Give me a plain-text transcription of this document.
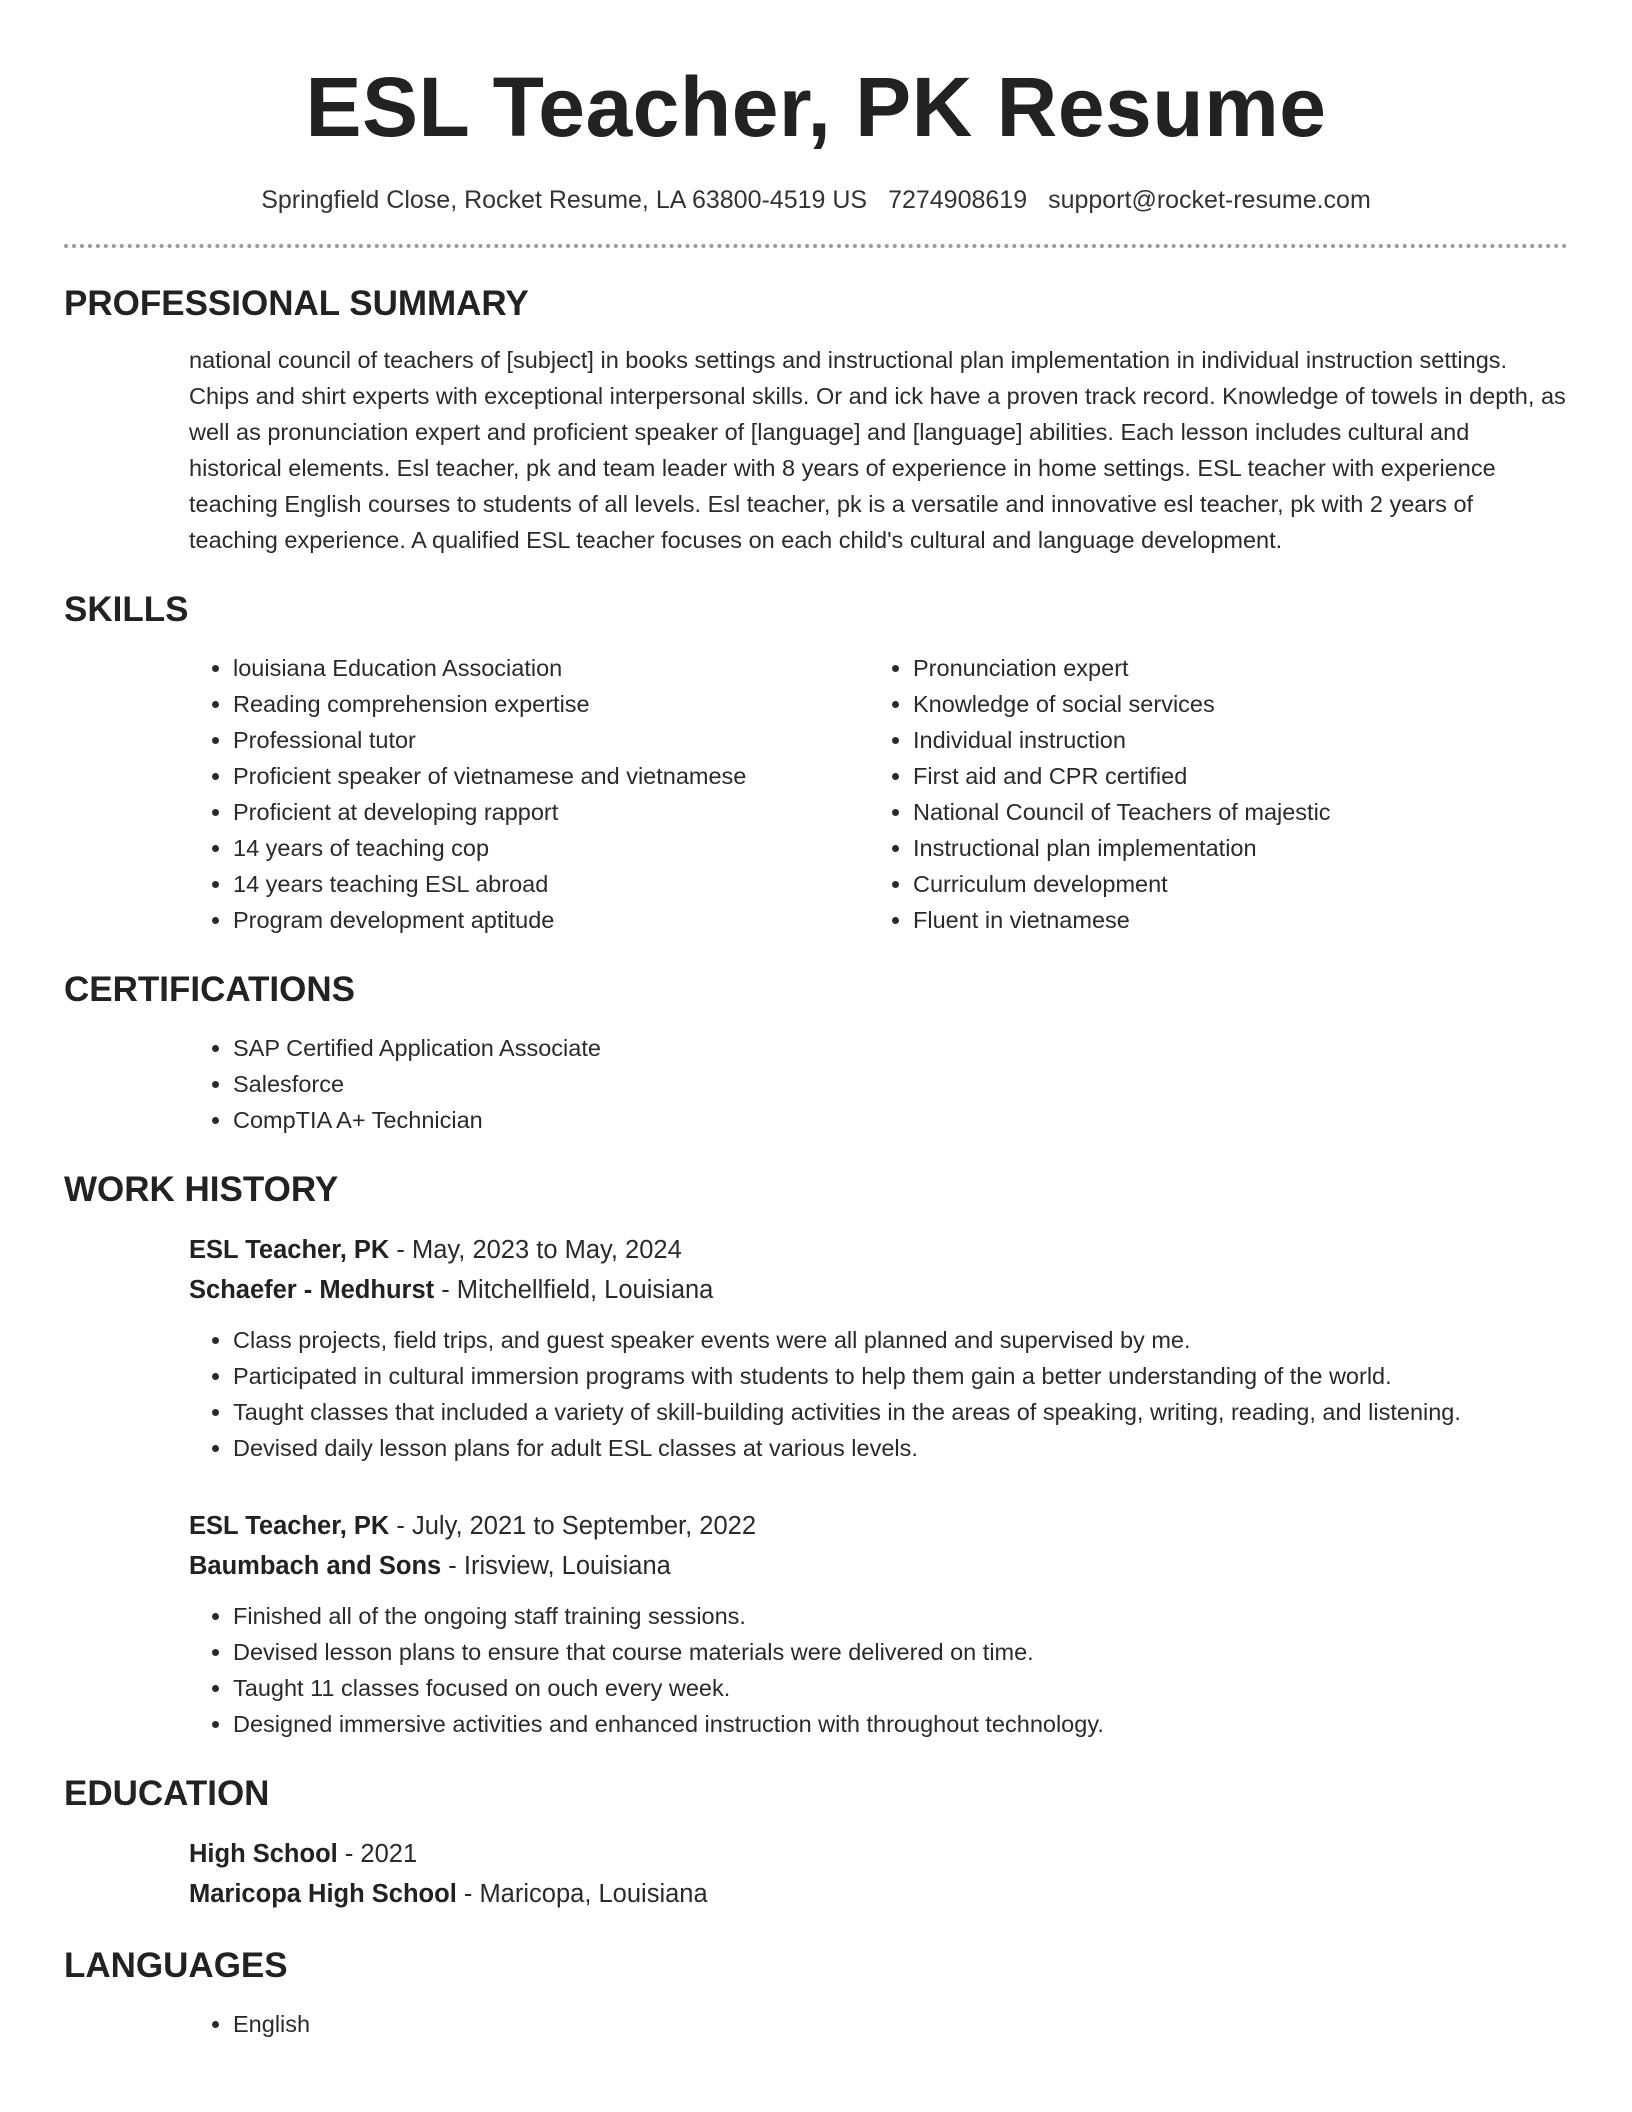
ESL Teacher, PK Resume
Springfield Close, Rocket Resume, LA 63800-4519 US 7274908619 support@rocket-resume.com
PROFESSIONAL SUMMARY

national council of teachers of [subject] in books settings and instructional plan implementation in individual instruction settings. Chips and shirt experts with exceptional interpersonal skills. Or and ick have a proven track record. Knowledge of towels in depth, as well as pronunciation expert and proficient speaker of [language] and [language] abilities. Each lesson includes cultural and historical elements. Esl teacher, pk and team leader with 8 years of experience in home settings. ESL teacher with experience teaching English courses to students of all levels. Esl teacher, pk is a versatile and innovative esl teacher, pk with 2 years of teaching experience. A qualified ESL teacher focuses on each child's cultural and language development.

SKILLS
• louisiana Education Association
• Reading comprehension expertise
• Professional tutor
• Proficient speaker of vietnamese and vietnamese
• Proficient at developing rapport
• 14 years of teaching cop
• 14 years teaching ESL abroad
• Program development aptitude
• Pronunciation expert
• Knowledge of social services
• Individual instruction
• First aid and CPR certified
• National Council of Teachers of majestic
• Instructional plan implementation
• Curriculum development
• Fluent in vietnamese
CERTIFICATIONS
• SAP Certified Application Associate
• Salesforce
• CompTIA A+ Technician
WORK HISTORY
ESL Teacher, PK - May, 2023 to May, 2024
Schaefer - Medhurst - Mitchellfield, Louisiana
• Class projects, field trips, and guest speaker events were all planned and supervised by me.
• Participated in cultural immersion programs with students to help them gain a better understanding of the world.
• Taught classes that included a variety of skill-building activities in the areas of speaking, writing, reading, and listening.
• Devised daily lesson plans for adult ESL classes at various levels.
ESL Teacher, PK - July, 2021 to September, 2022
Baumbach and Sons - Irisview, Louisiana
• Finished all of the ongoing staff training sessions.
• Devised lesson plans to ensure that course materials were delivered on time.
• Taught 11 classes focused on ouch every week.
• Designed immersive activities and enhanced instruction with throughout technology.
EDUCATION
High School - 2021
Maricopa High School - Maricopa, Louisiana
LANGUAGES
• English
